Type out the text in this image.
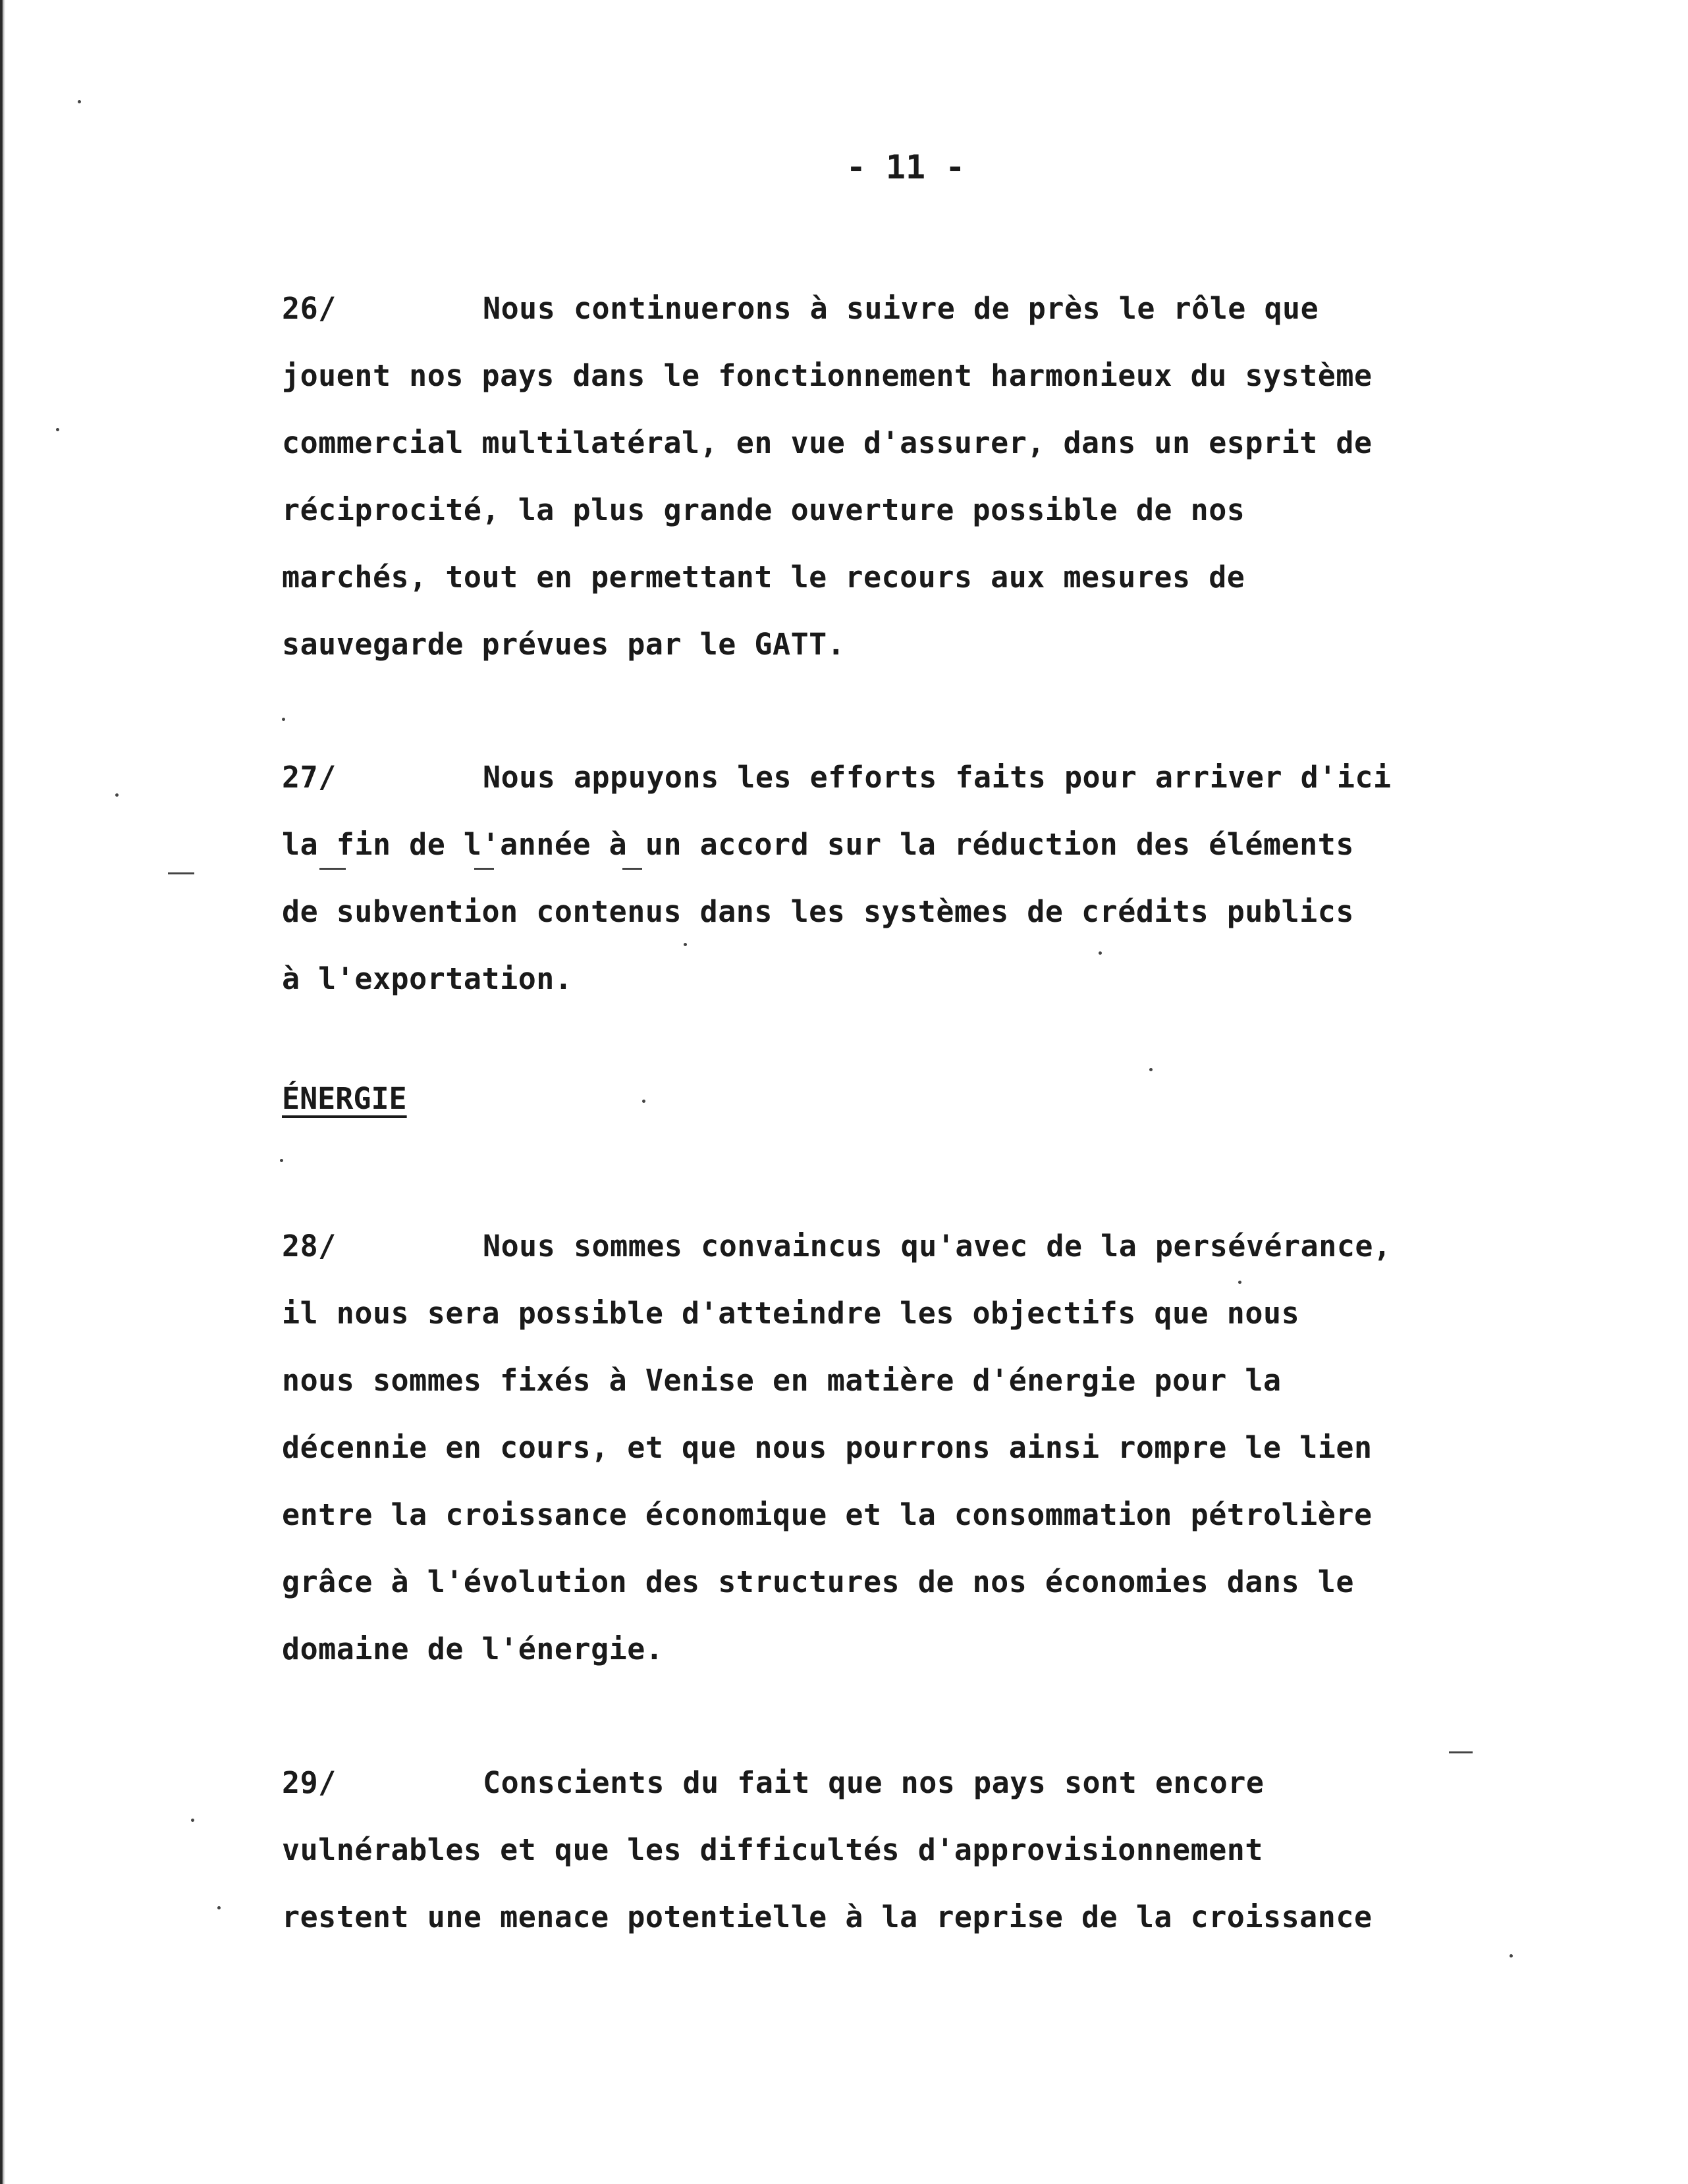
- 11 -
26/	Nous continuerons à suivre de près le rôle que
jouent nos pays dans le fonctionnement harmonieux du système
commercial multilatéral, en vue d'assurer, dans un esprit de
réciprocité, la plus grande ouverture possible de nos
marchés, tout en permettant le recours aux mesures de
sauvegarde prévues par le GATT.
27/	Nous appuyons les efforts faits pour arriver d'ici
la fin de l'année à un accord sur la réduction des éléments
de subvention contenus dans les systèmes de crédits publics
à l'exportation.
ÉNERGIE
28/	Nous sommes convaincus qu'avec de la persévérance,
il nous sera possible d'atteindre les objectifs que nous
nous sommes fixés à Venise en matière d'énergie pour la
décennie en cours, et que nous pourrons ainsi rompre le lien
entre la croissance économique et la consommation pétrolière
grâce à l'évolution des structures de nos économies dans le
domaine de l'énergie.
29/	Conscients du fait que nos pays sont encore
vulnérables et que les difficultés d'approvisionnement
restent une menace potentielle à la reprise de la croissance
